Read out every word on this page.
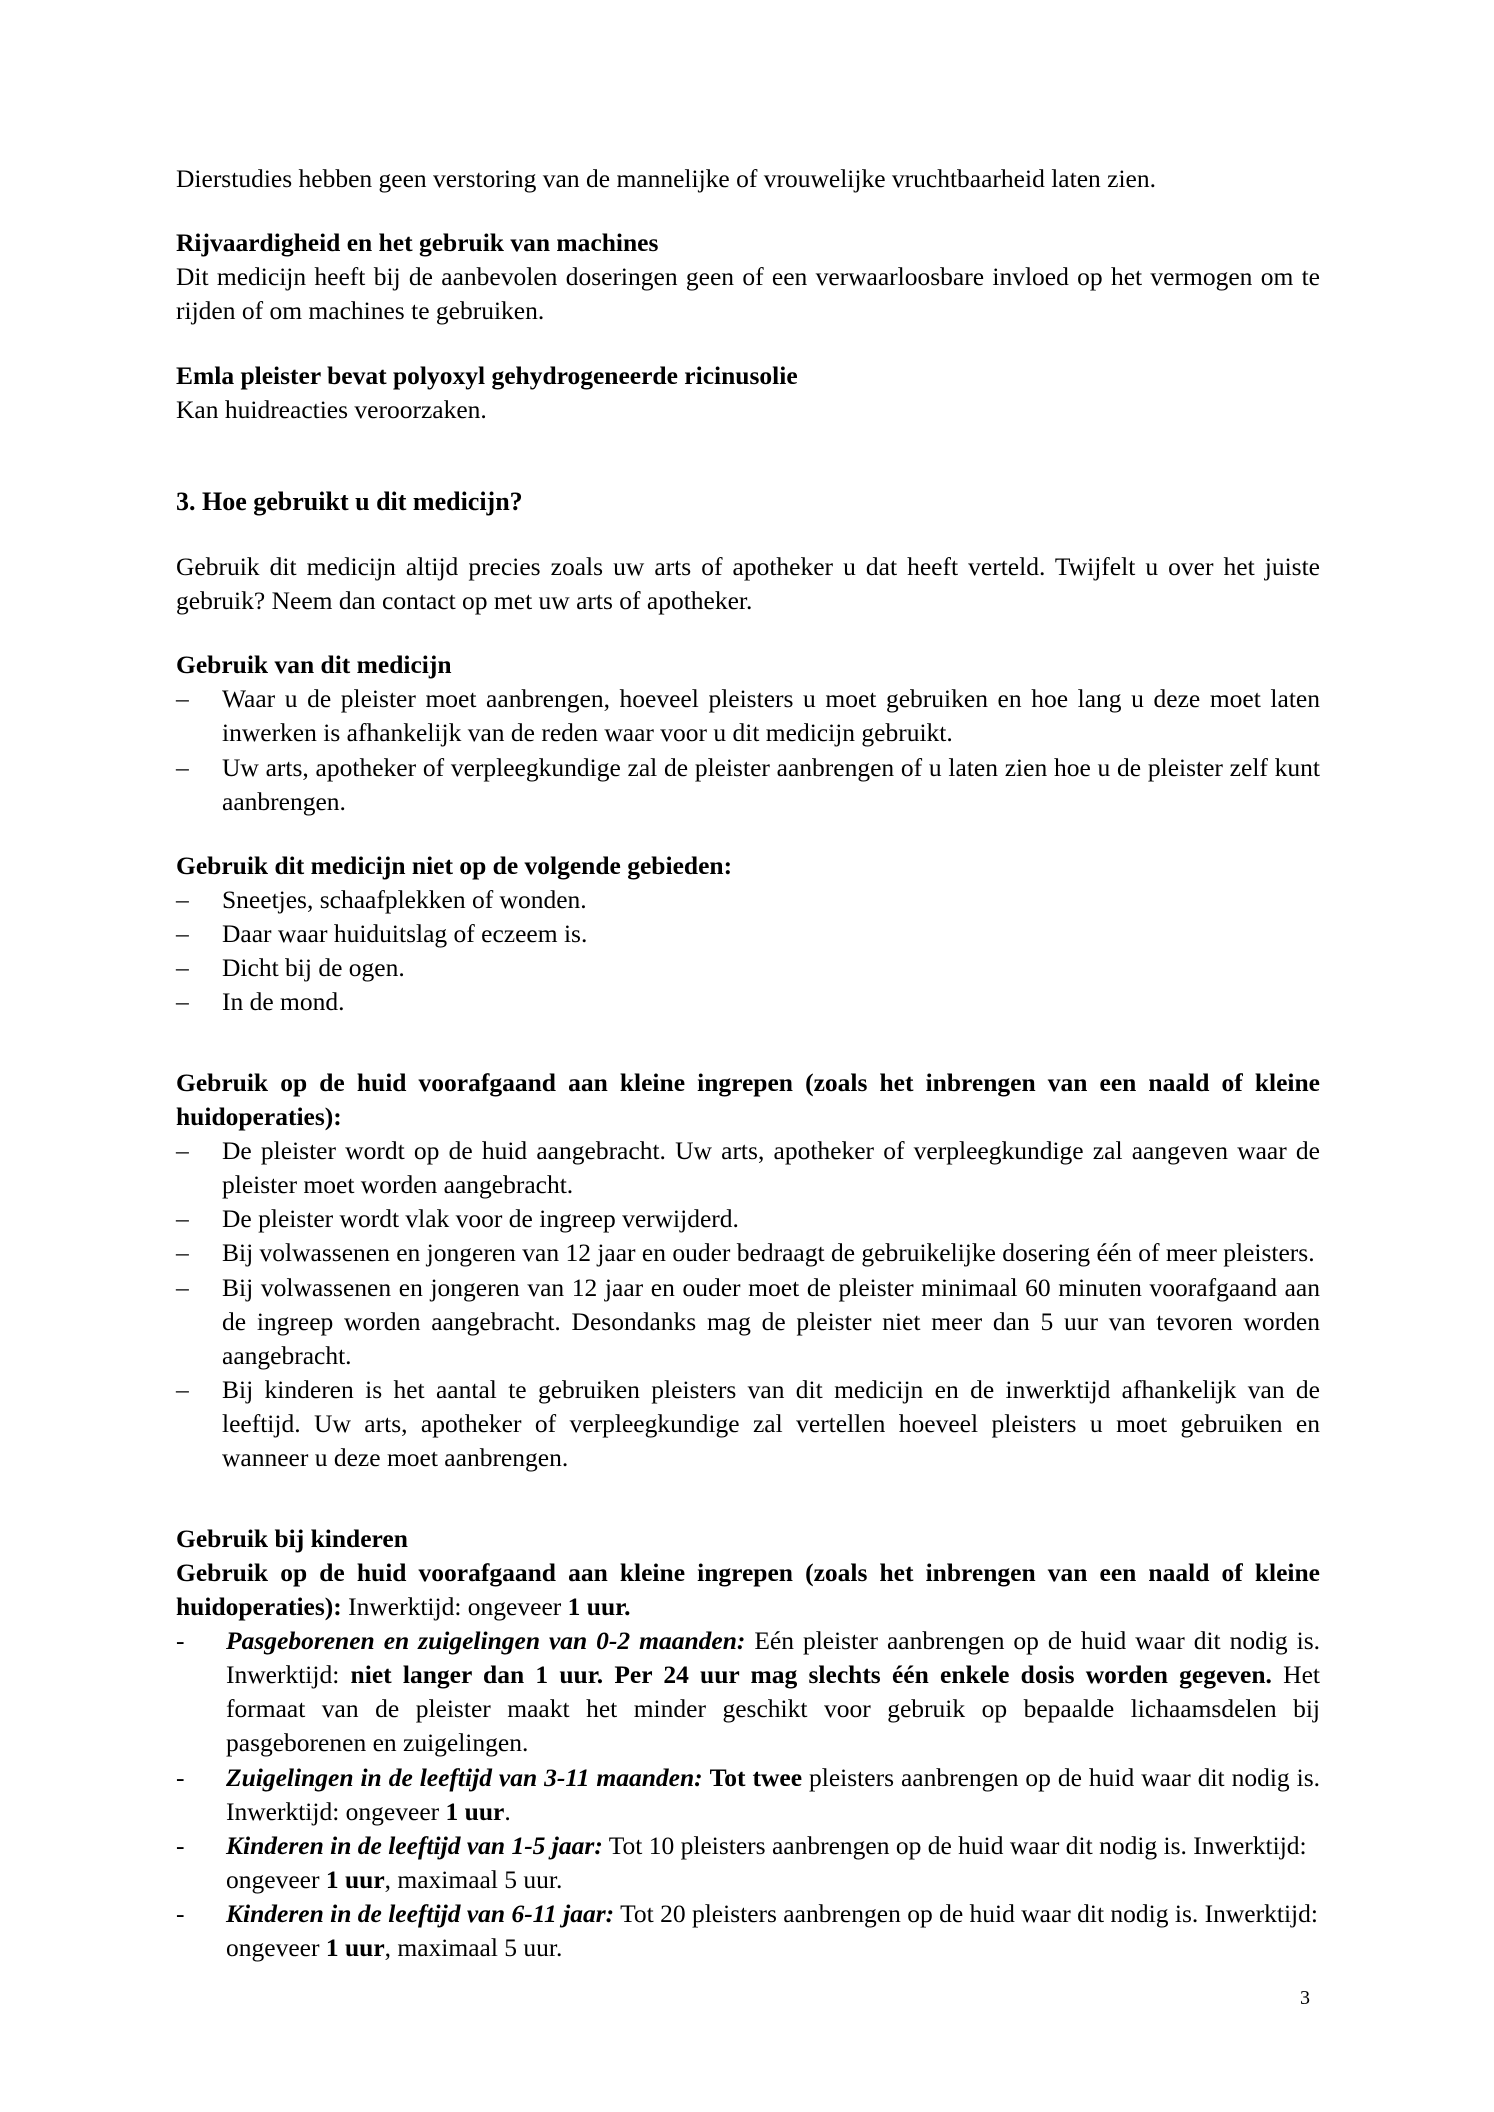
Dierstudies hebben geen verstoring van de mannelijke of vrouwelijke vruchtbaarheid laten zien.

Rijvaardigheid en het gebruik van machines

Dit medicijn heeft bij de aanbevolen doseringen geen of een verwaarloosbare invloed op het vermogen om te rijden of om machines te gebruiken.

Emla pleister bevat polyoxyl gehydrogeneerde ricinusolie

Kan huidreacties veroorzaken.

3. Hoe gebruikt u dit medicijn?

Gebruik dit medicijn altijd precies zoals uw arts of apotheker u dat heeft verteld. Twijfelt u over het juiste gebruik? Neem dan contact op met uw arts of apotheker.

Gebruik van dit medicijn

–	Waar u de pleister moet aanbrengen, hoeveel pleisters u moet gebruiken en hoe lang u deze moet laten inwerken is afhankelijk van de reden waar voor u dit medicijn gebruikt.
–	Uw arts, apotheker of verpleegkundige zal de pleister aanbrengen of u laten zien hoe u de pleister zelf kunt aanbrengen.

Gebruik dit medicijn niet op de volgende gebieden:

–	Sneetjes, schaafplekken of wonden.
–	Daar waar huiduitslag of eczeem is.
–	Dicht bij de ogen.
–	In de mond.

Gebruik op de huid voorafgaand aan kleine ingrepen (zoals het inbrengen van een naald of kleine huidoperaties):

–	De pleister wordt op de huid aangebracht. Uw arts, apotheker of verpleegkundige zal aangeven waar de pleister moet worden aangebracht.
–	De pleister wordt vlak voor de ingreep verwijderd.
–	Bij volwassenen en jongeren van 12 jaar en ouder bedraagt de gebruikelijke dosering één of meer pleisters.
–	Bij volwassenen en jongeren van 12 jaar en ouder moet de pleister minimaal 60 minuten voorafgaand aan de ingreep worden aangebracht. Desondanks mag de pleister niet meer dan 5 uur van tevoren worden aangebracht.
–	Bij kinderen is het aantal te gebruiken pleisters van dit medicijn en de inwerktijd afhankelijk van de leeftijd. Uw arts, apotheker of verpleegkundige zal vertellen hoeveel pleisters u moet gebruiken en wanneer u deze moet aanbrengen.

Gebruik bij kinderen

Gebruik op de huid voorafgaand aan kleine ingrepen (zoals het inbrengen van een naald of kleine huidoperaties): Inwerktijd: ongeveer 1 uur.

-	Pasgeborenen en zuigelingen van 0-2 maanden: Eén pleister aanbrengen op de huid waar dit nodig is. Inwerktijd: niet langer dan 1 uur. Per 24 uur mag slechts één enkele dosis worden gegeven. Het formaat van de pleister maakt het minder geschikt voor gebruik op bepaalde lichaamsdelen bij pasgeborenen en zuigelingen.
-	Zuigelingen in de leeftijd van 3-11 maanden: Tot twee pleisters aanbrengen op de huid waar dit nodig is. Inwerktijd: ongeveer 1 uur.
-	Kinderen in de leeftijd van 1-5 jaar: Tot 10 pleisters aanbrengen op de huid waar dit nodig is. Inwerktijd: ongeveer 1 uur, maximaal 5 uur.
-	Kinderen in de leeftijd van 6-11 jaar: Tot 20 pleisters aanbrengen op de huid waar dit nodig is. Inwerktijd: ongeveer 1 uur, maximaal 5 uur.
3
